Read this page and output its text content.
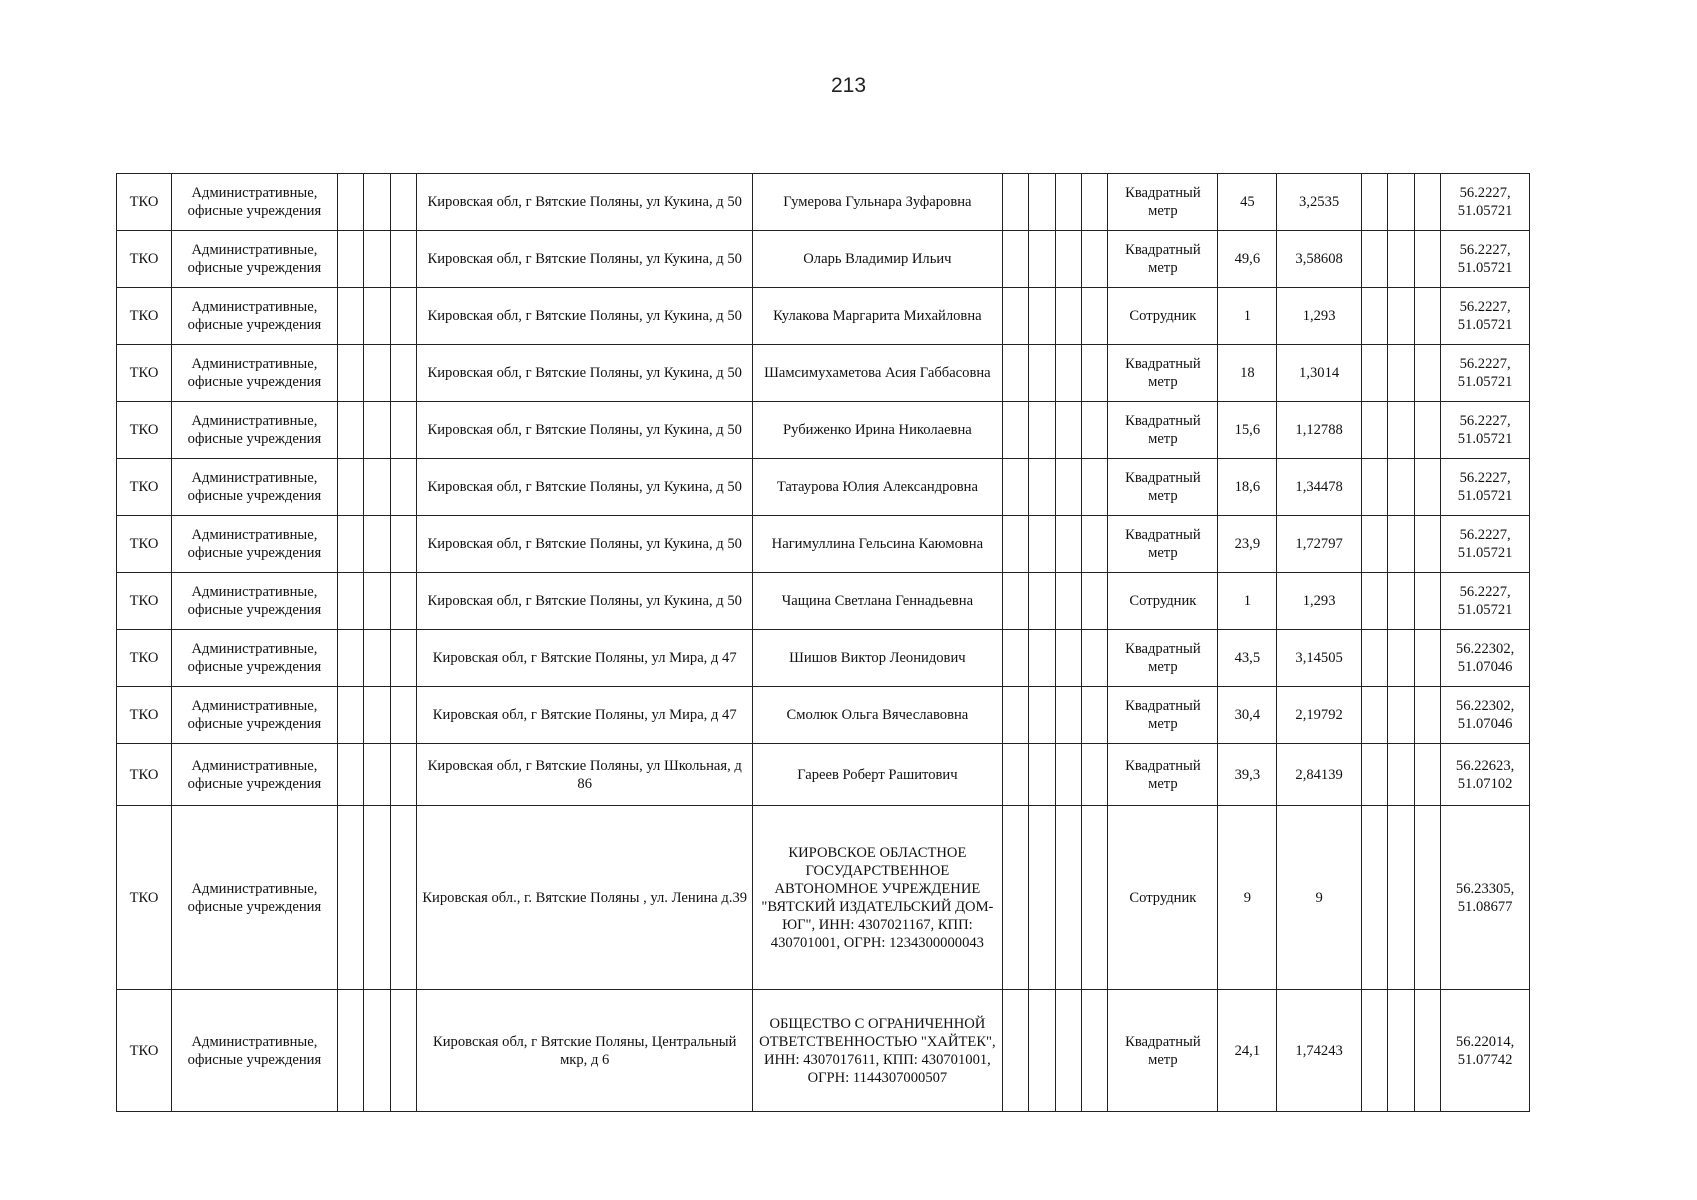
213
ТКО	Административные, офисные учреждения				Кировская обл, г Вятские Поляны, ул Кукина, д 50	Гумерова Гульнара Зуфаровна					Квадратный метр	45	3,2535				56.2227, 51.05721
ТКО	Административные, офисные учреждения				Кировская обл, г Вятские Поляны, ул Кукина, д 50	Оларь Владимир Ильич					Квадратный метр	49,6	3,58608				56.2227, 51.05721
ТКО	Административные, офисные учреждения				Кировская обл, г Вятские Поляны, ул Кукина, д 50	Кулакова Маргарита Михайловна					Сотрудник	1	1,293				56.2227, 51.05721
ТКО	Административные, офисные учреждения				Кировская обл, г Вятские Поляны, ул Кукина, д 50	Шамсимухаметова Асия Габбасовна					Квадратный метр	18	1,3014				56.2227, 51.05721
ТКО	Административные, офисные учреждения				Кировская обл, г Вятские Поляны, ул Кукина, д 50	Рубиженко Ирина Николаевна					Квадратный метр	15,6	1,12788				56.2227, 51.05721
ТКО	Административные, офисные учреждения				Кировская обл, г Вятские Поляны, ул Кукина, д 50	Татаурова Юлия Александровна					Квадратный метр	18,6	1,34478				56.2227, 51.05721
ТКО	Административные, офисные учреждения				Кировская обл, г Вятские Поляны, ул Кукина, д 50	Нагимуллина Гельсина Каюмовна					Квадратный метр	23,9	1,72797				56.2227, 51.05721
ТКО	Административные, офисные учреждения				Кировская обл, г Вятские Поляны, ул Кукина, д 50	Чащина Светлана Геннадьевна					Сотрудник	1	1,293				56.2227, 51.05721
ТКО	Административные, офисные учреждения				Кировская обл, г Вятские Поляны, ул Мира, д 47	Шишов Виктор Леонидович					Квадратный метр	43,5	3,14505				56.22302, 51.07046
ТКО	Административные, офисные учреждения				Кировская обл, г Вятские Поляны, ул Мира, д 47	Смолюк Ольга Вячеславовна					Квадратный метр	30,4	2,19792				56.22302, 51.07046
ТКО	Административные, офисные учреждения				Кировская обл, г Вятские Поляны, ул Школьная, д 86	Гареев Роберт Рашитович					Квадратный метр	39,3	2,84139				56.22623, 51.07102
ТКО	Административные, офисные учреждения				Кировская обл., г. Вятские Поляны , ул. Ленина д.39	КИРОВСКОЕ ОБЛАСТНОЕ ГОСУДАРСТВЕННОЕ АВТОНОМНОЕ УЧРЕЖДЕНИЕ "ВЯТСКИЙ ИЗДАТЕЛЬСКИЙ ДОМ-ЮГ", ИНН: 4307021167, КПП: 430701001, ОГРН: 1234300000043					Сотрудник	9	9				56.23305, 51.08677
ТКО	Административные, офисные учреждения				Кировская обл, г Вятские Поляны, Центральный мкр, д 6	ОБЩЕСТВО С ОГРАНИЧЕННОЙ ОТВЕТСТВЕННОСТЬЮ "ХАЙТЕК", ИНН: 4307017611, КПП: 430701001, ОГРН: 1144307000507					Квадратный метр	24,1	1,74243				56.22014, 51.07742
